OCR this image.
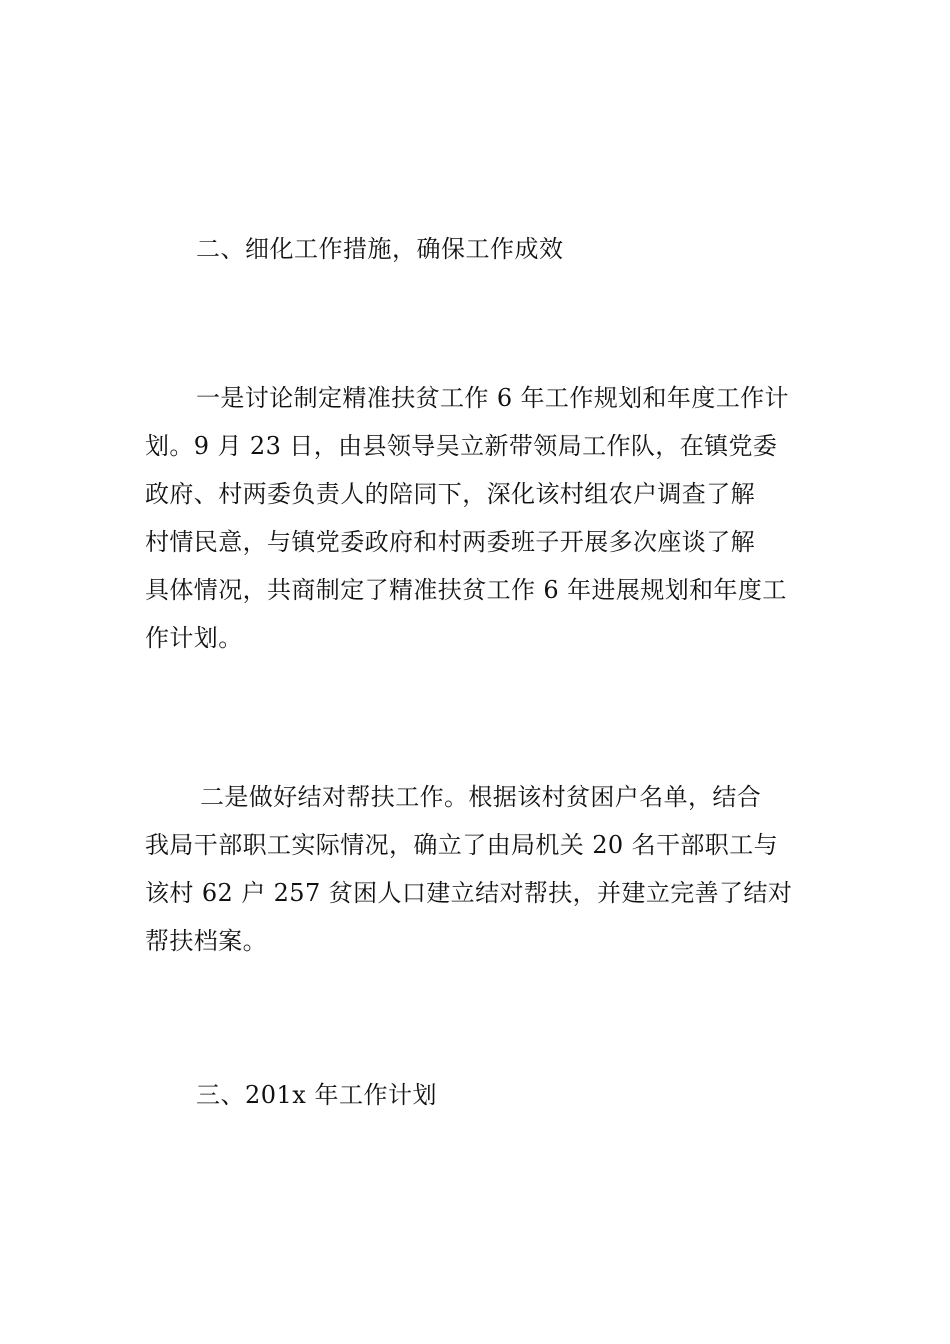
二、细化工作措施，确保工作成效
一是讨论制定精准扶贫工作 6 年工作规划和年度工作计
划。9 月 23 日，由县领导吴立新带领局工作队，在镇党委
政府、村两委负责人的陪同下，深化该村组农户调查了解
村情民意，与镇党委政府和村两委班子开展多次座谈了解
具体情况，共商制定了精准扶贫工作 6 年进展规划和年度工
作计划。
二是做好结对帮扶工作。根据该村贫困户名单，结合
我局干部职工实际情况，确立了由局机关 20 名干部职工与
该村 62 户 257 贫困人口建立结对帮扶，并建立完善了结对
帮扶档案。
三、201x 年工作计划
